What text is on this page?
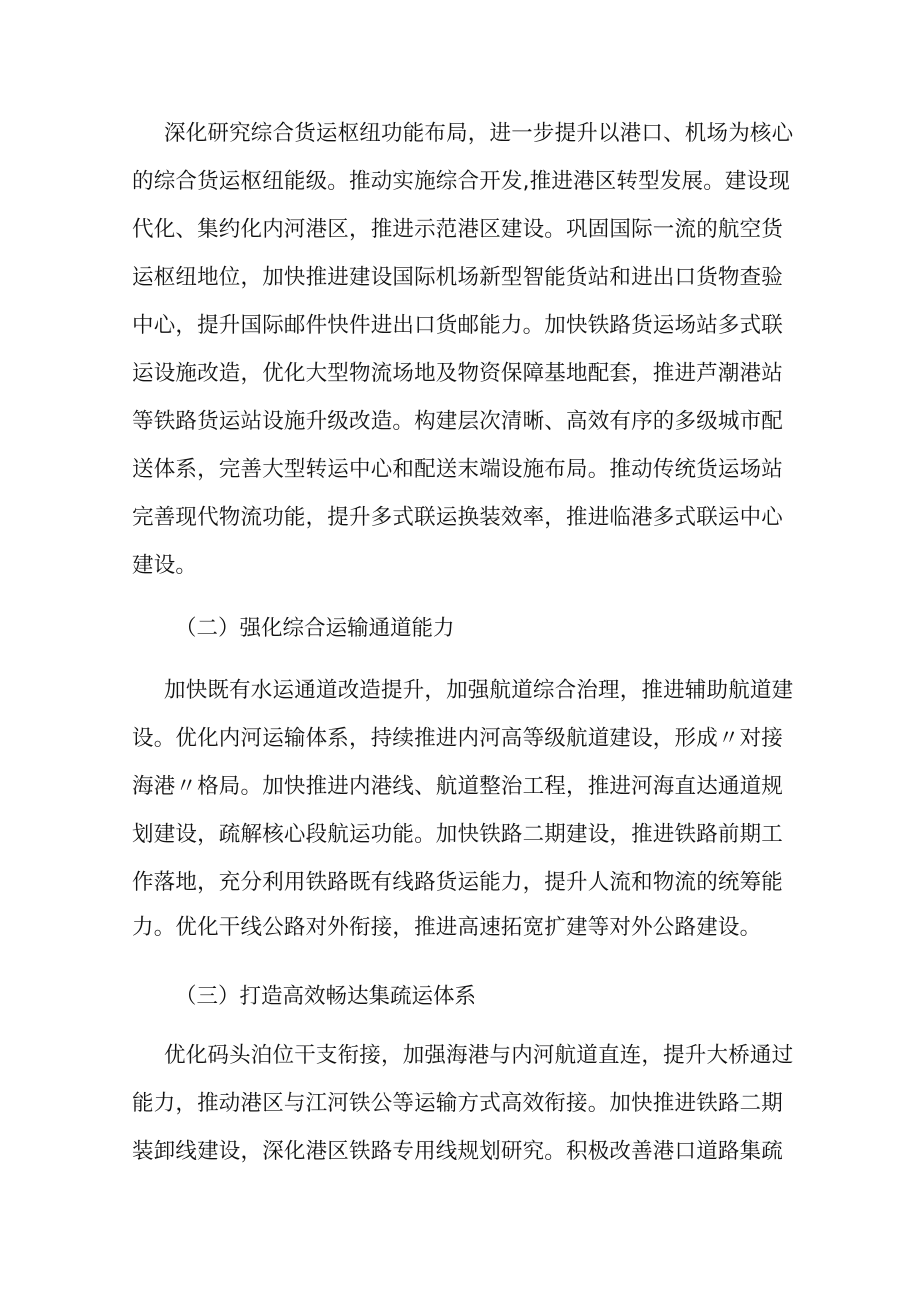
深化研究综合货运枢纽功能布局，进一步提升以港口、机场为核心
的综合货运枢纽能级。推动实施综合开发,推进港区转型发展。建设现
代化、集约化内河港区，推进示范港区建设。巩固国际一流的航空货
运枢纽地位，加快推进建设国际机场新型智能货站和进出口货物查验
中心，提升国际邮件快件进出口货邮能力。加快铁路货运场站多式联
运设施改造，优化大型物流场地及物资保障基地配套，推进芦潮港站
等铁路货运站设施升级改造。构建层次清晰、高效有序的多级城市配
送体系，完善大型转运中心和配送末端设施布局。推动传统货运场站
完善现代物流功能，提升多式联运换装效率，推进临港多式联运中心
建设。
（二）强化综合运输通道能力
加快既有水运通道改造提升，加强航道综合治理，推进辅助航道建
设。优化内河运输体系，持续推进内河高等级航道建设，形成〃对接
海港〃格局。加快推进内港线、航道整治工程，推进河海直达通道规
划建设，疏解核心段航运功能。加快铁路二期建设，推进铁路前期工
作落地，充分利用铁路既有线路货运能力，提升人流和物流的统筹能
力。优化干线公路对外衔接，推进高速拓宽扩建等对外公路建设。
（三）打造高效畅达集疏运体系
优化码头泊位干支衔接，加强海港与内河航道直连，提升大桥通过
能力，推动港区与江河铁公等运输方式高效衔接。加快推进铁路二期
装卸线建设，深化港区铁路专用线规划研究。积极改善港口道路集疏
